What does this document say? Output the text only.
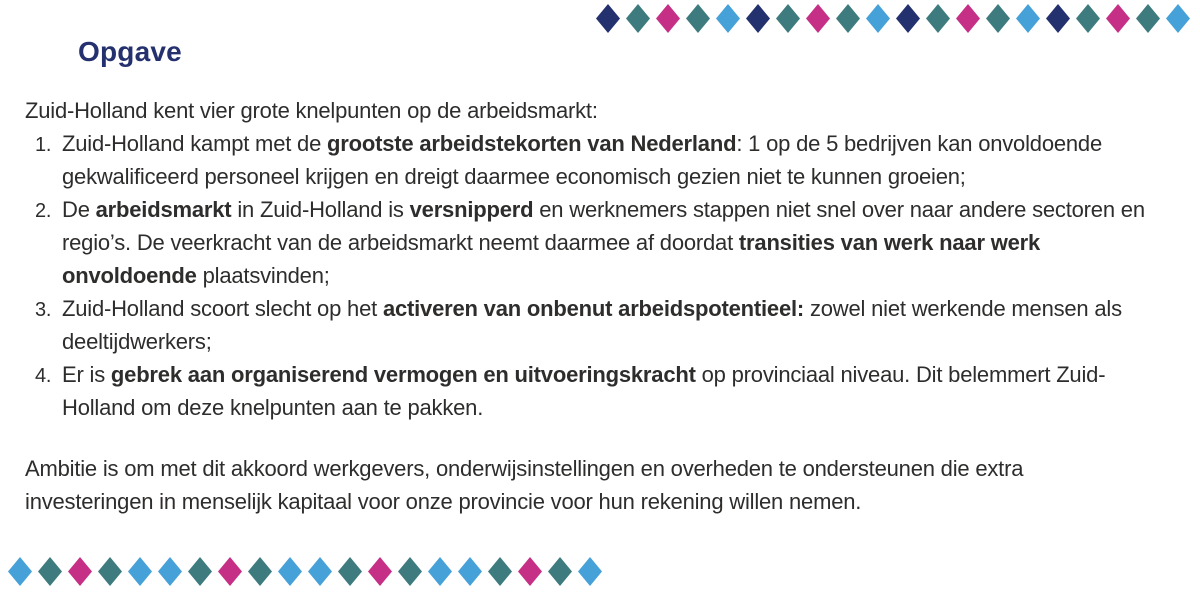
Opgave

Zuid-Holland kent vier grote knelpunten op de arbeidsmarkt:

1. Zuid-Holland kampt met de grootste arbeidstekorten van Nederland: 1 op de 5 bedrijven kan onvoldoende gekwalificeerd personeel krijgen en dreigt daarmee economisch gezien niet te kunnen groeien;
2. De arbeidsmarkt in Zuid-Holland is versnipperd en werknemers stappen niet snel over naar andere sectoren en regio’s. De veerkracht van de arbeidsmarkt neemt daarmee af doordat transities van werk naar werk onvoldoende plaatsvinden;
3. Zuid-Holland scoort slecht op het activeren van onbenut arbeidspotentieel: zowel niet werkende mensen als deeltijdwerkers;
4. Er is gebrek aan organiserend vermogen en uitvoeringskracht op provinciaal niveau. Dit belemmert Zuid-Holland om deze knelpunten aan te pakken.

Ambitie is om met dit akkoord werkgevers, onderwijsinstellingen en overheden te ondersteunen die extra investeringen in menselijk kapitaal voor onze provincie voor hun rekening willen nemen.
